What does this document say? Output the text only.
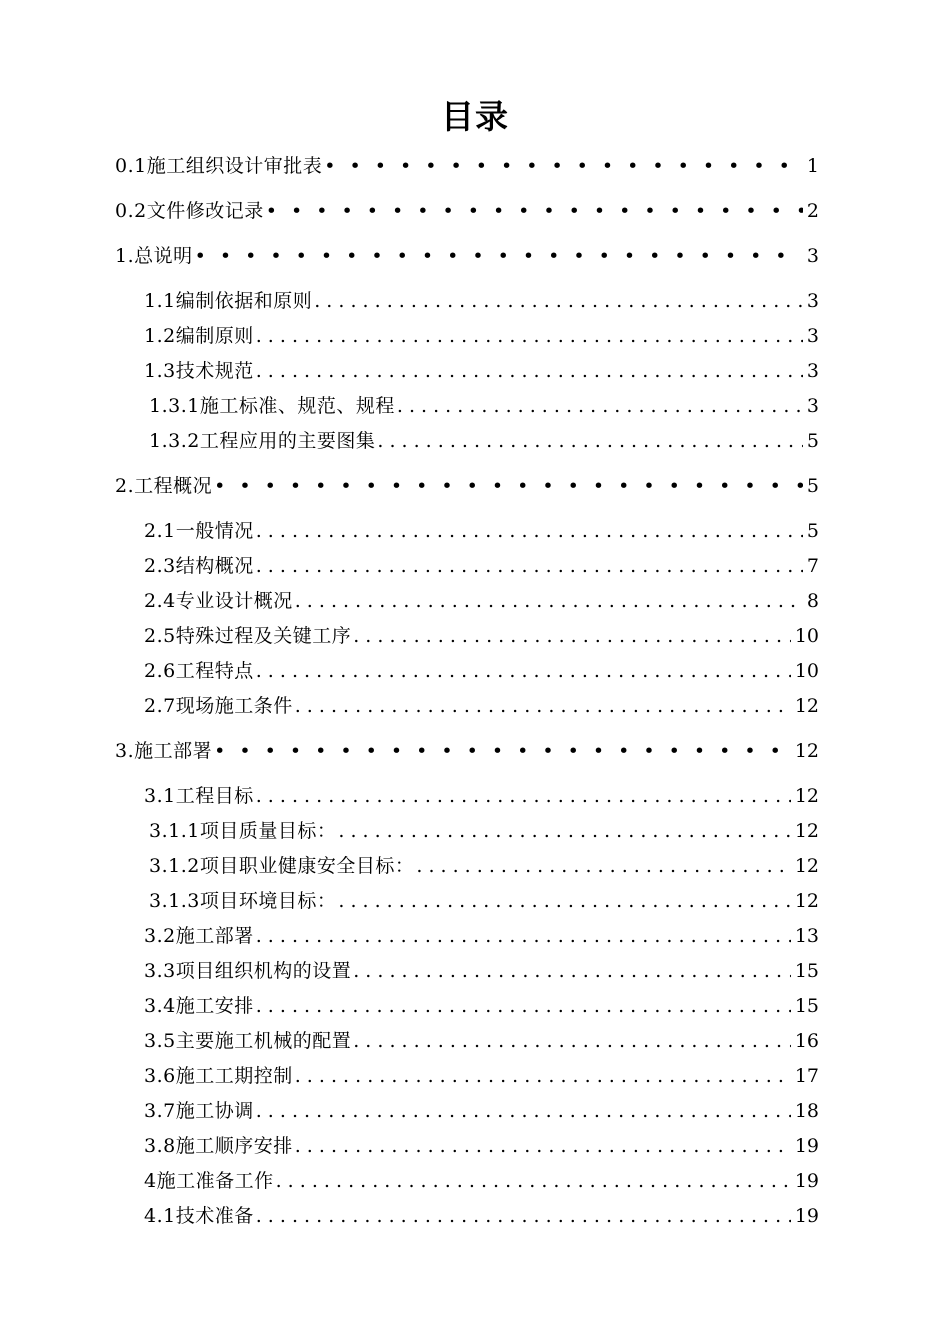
目录
0.1施工组织设计审批表 • • •	1
0.2文件修改记录 • • •	2
1.总说明 • • •	3
1.1编制依据和原则 . . .	3
1.2编制原则 . . .	3
1.3技术规范 . . .	3
1.3.1施工标准、规范、规程 . . .	3
1.3.2工程应用的主要图集 . . .	5
2.工程概况 • • •	5
2.1一般情况 . . .	5
2.3结构概况 . . .	7
2.4专业设计概况 . . .	8
2.5特殊过程及关键工序 . . .	10
2.6工程特点 . . .	10
2.7现场施工条件 . . .	12
3.施工部署 • • •	12
3.1工程目标 . . .	12
3.1.1项目质量目标： . . .	12
3.1.2项目职业健康安全目标： . . .	12
3.1.3项目环境目标： . . .	12
3.2施工部署 . . .	13
3.3项目组织机构的设置 . . .	15
3.4施工安排 . . .	15
3.5主要施工机械的配置 . . .	16
3.6施工工期控制 . . .	17
3.7施工协调 . . .	18
3.8施工顺序安排 . . .	19
4施工准备工作 . . .	19
4.1技术准备 . . .	19
